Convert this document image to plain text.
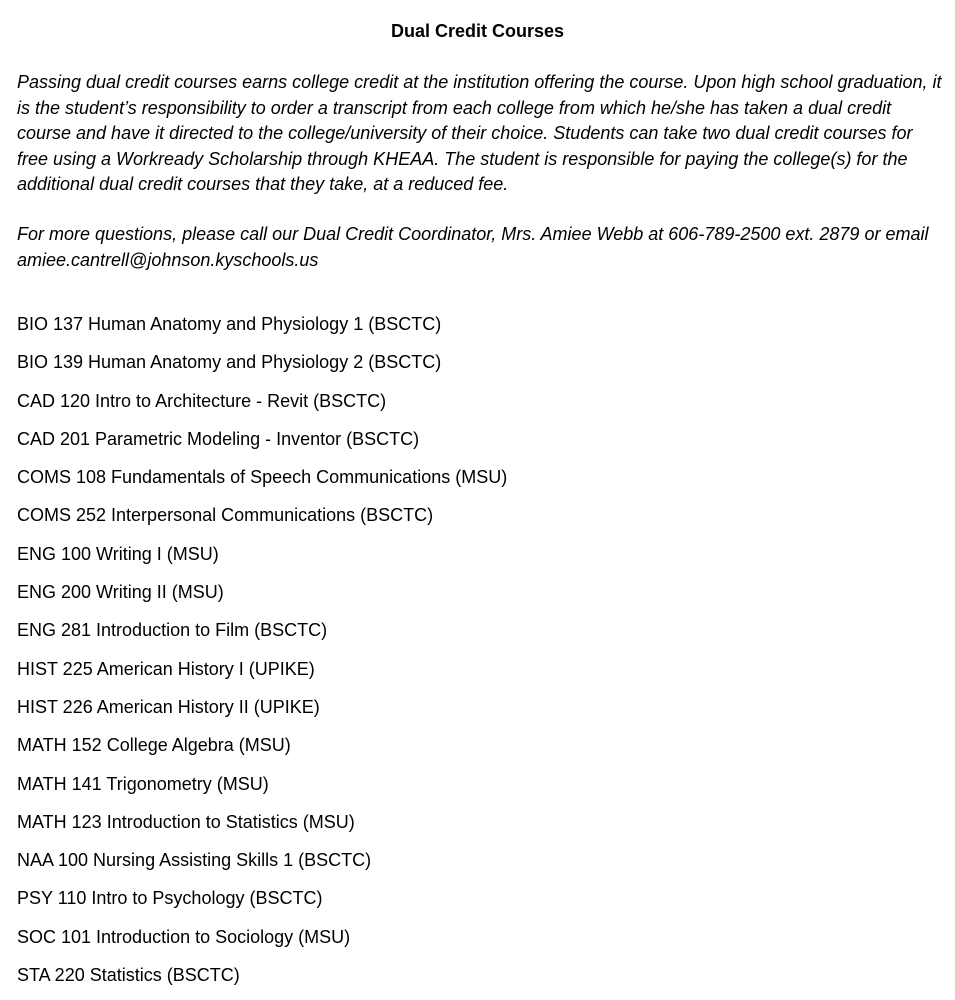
Dual Credit Courses

Passing dual credit courses earns college credit at the institution offering the course. Upon high school graduation, it is the student’s responsibility to order a transcript from each college from which he/she has taken a dual credit course and have it directed to the college/university of their choice. Students can take two dual credit courses for free using a Workready Scholarship through KHEAA. The student is responsible for paying the college(s) for the additional dual credit courses that they take, at a reduced fee.

For more questions, please call our Dual Credit Coordinator, Mrs. Amiee Webb at 606-789-2500 ext. 2879 or email amiee.cantrell@johnson.kyschools.us

BIO 137 Human Anatomy and Physiology 1 (BSCTC)
BIO 139 Human Anatomy and Physiology 2 (BSCTC)
CAD 120 Intro to Architecture - Revit (BSCTC)
CAD 201 Parametric Modeling - Inventor (BSCTC)
COMS 108 Fundamentals of Speech Communications (MSU)
COMS 252 Interpersonal Communications (BSCTC)
ENG 100 Writing I (MSU)
ENG 200 Writing II (MSU)
ENG 281 Introduction to Film (BSCTC)
HIST 225 American History I (UPIKE)
HIST 226 American History II (UPIKE)
MATH 152 College Algebra (MSU)
MATH 141 Trigonometry (MSU)
MATH 123 Introduction to Statistics (MSU)
NAA 100 Nursing Assisting Skills 1 (BSCTC)
PSY 110 Intro to Psychology (BSCTC)
SOC 101 Introduction to Sociology (MSU)
STA 220 Statistics (BSCTC)
